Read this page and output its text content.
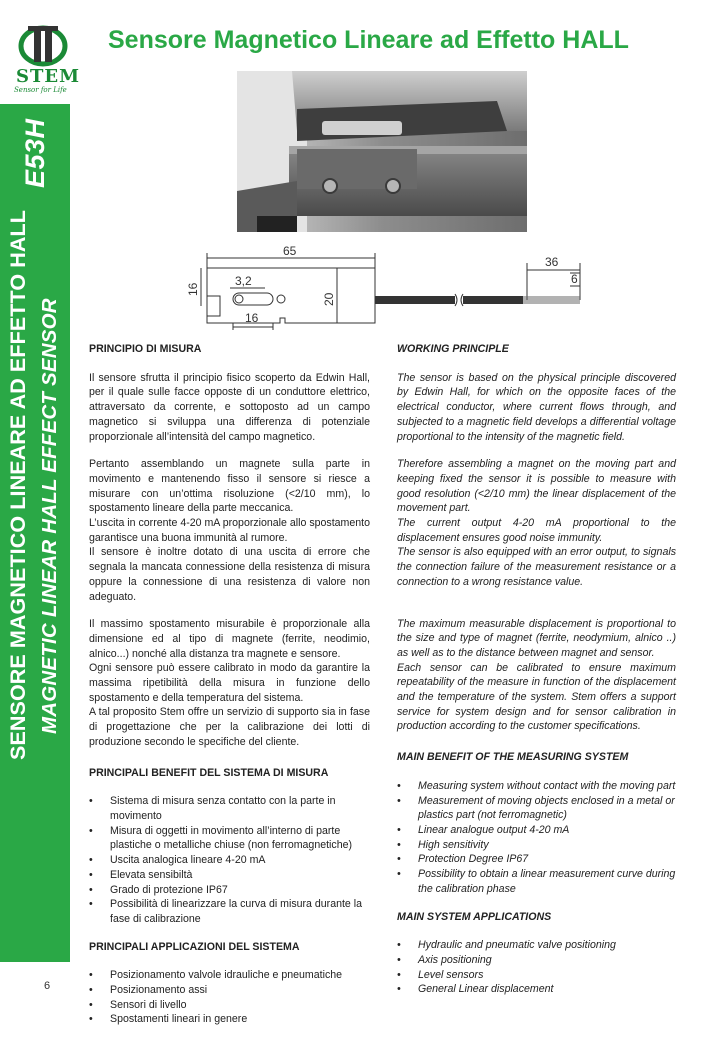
STEM
Sensor for Life
E53H
SENSORE MAGNETICO LINEARE AD EFFETTO HALL MAGNETIC LINEAR HALL EFFECT SENSOR
6
Sensore Magnetico Lineare ad Effetto HALL
65
16
3,2
20
16
36
6

PRINCIPIO DI MISURA

Il sensore sfrutta il principio fisico scoperto da Edwin Hall, per il quale sulle facce opposte di un conduttore elettrico, attraversato da corrente, e sottoposto ad un campo magnetico si sviluppa una differenza di potenziale proporzionale all’intensità del campo magnetico.

Pertanto assemblando un magnete sulla parte in movimento e mantenendo fisso il sensore si riesce a misurare con un’ottima risoluzione (<2/10 mm), lo spostamento lineare della parte meccanica.

L’uscita in corrente 4-20 mA proporzionale allo spostamento garantisce una buona immunità al rumore.

Il sensore è inoltre dotato di una uscita di errore che segnala la mancata connessione della resistenza di misura oppure la connessione di una resistenza di valore non adeguato.

Il massimo spostamento misurabile è proporzionale alla dimensione ed al tipo di magnete (ferrite, neodimio, alnico...) nonché alla distanza tra magnete e sensore.

Ogni sensore può essere calibrato in modo da garantire la massima ripetibilità della misura in funzione dello spostamento e della temperatura del sistema.

A tal proposito Stem offre un servizio di supporto sia in fase di progettazione che per la calibrazione dei lotti di produzione secondo le specifiche del cliente.

PRINCIPALI BENEFIT DEL SISTEMA DI MISURA

• Sistema di misura senza contatto con la parte in movimento
• Misura di oggetti in movimento all’interno di parte plastiche o metalliche chiuse (non ferromagnetiche)
• Uscita analogica lineare 4-20 mA
• Elevata sensibiltà
• Grado di protezione IP67
• Possibilità di linearizzare la curva di misura durante la fase di calibrazione

PRINCIPALI APPLICAZIONI DEL SISTEMA

• Posizionamento valvole idrauliche e pneumatiche
• Posizionamento assi
• Sensori di livello
• Spostamenti lineari in genere

WORKING PRINCIPLE

The sensor is based on the physical principle discovered by Edwin Hall, for which on the opposite faces of the electrical conductor, where current flows through, and subjected to a magnetic field develops a differential voltage proportional to the intensity of the magnetic field.

Therefore assembling a magnet on the moving part and keeping fixed the sensor it is possible to measure with good resolution (<2/10 mm) the linear displacement of the movement part.

The current output 4-20 mA proportional to the displacement ensures good noise immunity.

The sensor is also equipped with an error output, to signals the connection failure of the measurement resistance or a connection to a wrong resistance value.

The maximum measurable displacement is proportional to the size and type of magnet (ferrite, neodymium, alnico ..) as well as to the distance between magnet and sensor.

Each sensor can be calibrated to ensure maximum repeatability of the measure in function of the displacement and the temperature of the system. Stem offers a support service for system design and for sensor calibration in production according to the customer specifications.

MAIN BENEFIT OF THE MEASURING SYSTEM

• Measuring system without contact with the moving part
• Measurement of moving objects enclosed in a metal or plastics part (not ferromagnetic)
• Linear analogue output 4-20 mA
• High sensitivity
• Protection Degree IP67
• Possibility to obtain a linear measurement curve during the calibration phase

MAIN SYSTEM APPLICATIONS

• Hydraulic and pneumatic valve positioning
• Axis positioning
• Level sensors
• General Linear displacement
